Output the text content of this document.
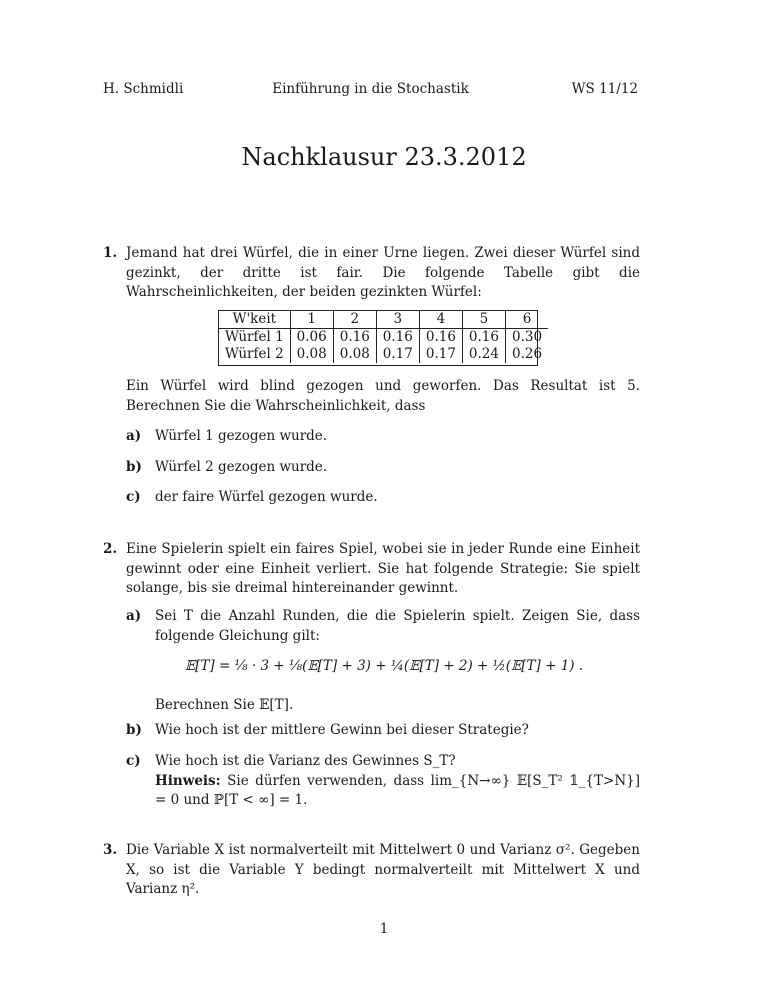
H. Schmidli	Einführung in die Stochastik	WS 11/12
Nachklausur 23.3.2012
1. Jemand hat drei Würfel, die in einer Urne liegen. Zwei dieser Würfel sind gezinkt, der dritte ist fair. Die folgende Tabelle gibt die Wahrscheinlichkeiten, der beiden gezinkten Würfel:
W'keit	1	2	3	4	5	6
Würfel 1	0.06	0.16	0.16	0.16	0.16	0.30
Würfel 2	0.08	0.08	0.17	0.17	0.24	0.26
Ein Würfel wird blind gezogen und geworfen. Das Resultat ist 5. Berechnen Sie die Wahrscheinlichkeit, dass
a) Würfel 1 gezogen wurde.
b) Würfel 2 gezogen wurde.
c) der faire Würfel gezogen wurde.
2. Eine Spielerin spielt ein faires Spiel, wobei sie in jeder Runde eine Einheit gewinnt oder eine Einheit verliert. Sie hat folgende Strategie: Sie spielt solange, bis sie dreimal hintereinander gewinnt.
a) Sei T die Anzahl Runden, die die Spielerin spielt. Zeigen Sie, dass folgende Gleichung gilt:
𝔼[T] = ⅛ · 3 + ⅛(𝔼[T] + 3) + ¼(𝔼[T] + 2) + ½(𝔼[T] + 1) .
Berechnen Sie 𝔼[T].
b) Wie hoch ist der mittlere Gewinn bei dieser Strategie?
c) Wie hoch ist die Varianz des Gewinnes S_T?
Hinweis: Sie dürfen verwenden, dass lim_{N→∞} 𝔼[S_T² 𝟙_{T>N}] = 0 und ℙ[T < ∞] = 1.
3. Die Variable X ist normalverteilt mit Mittelwert 0 und Varianz σ². Gegeben X, so ist die Variable Y bedingt normalverteilt mit Mittelwert X und Varianz η².
1
